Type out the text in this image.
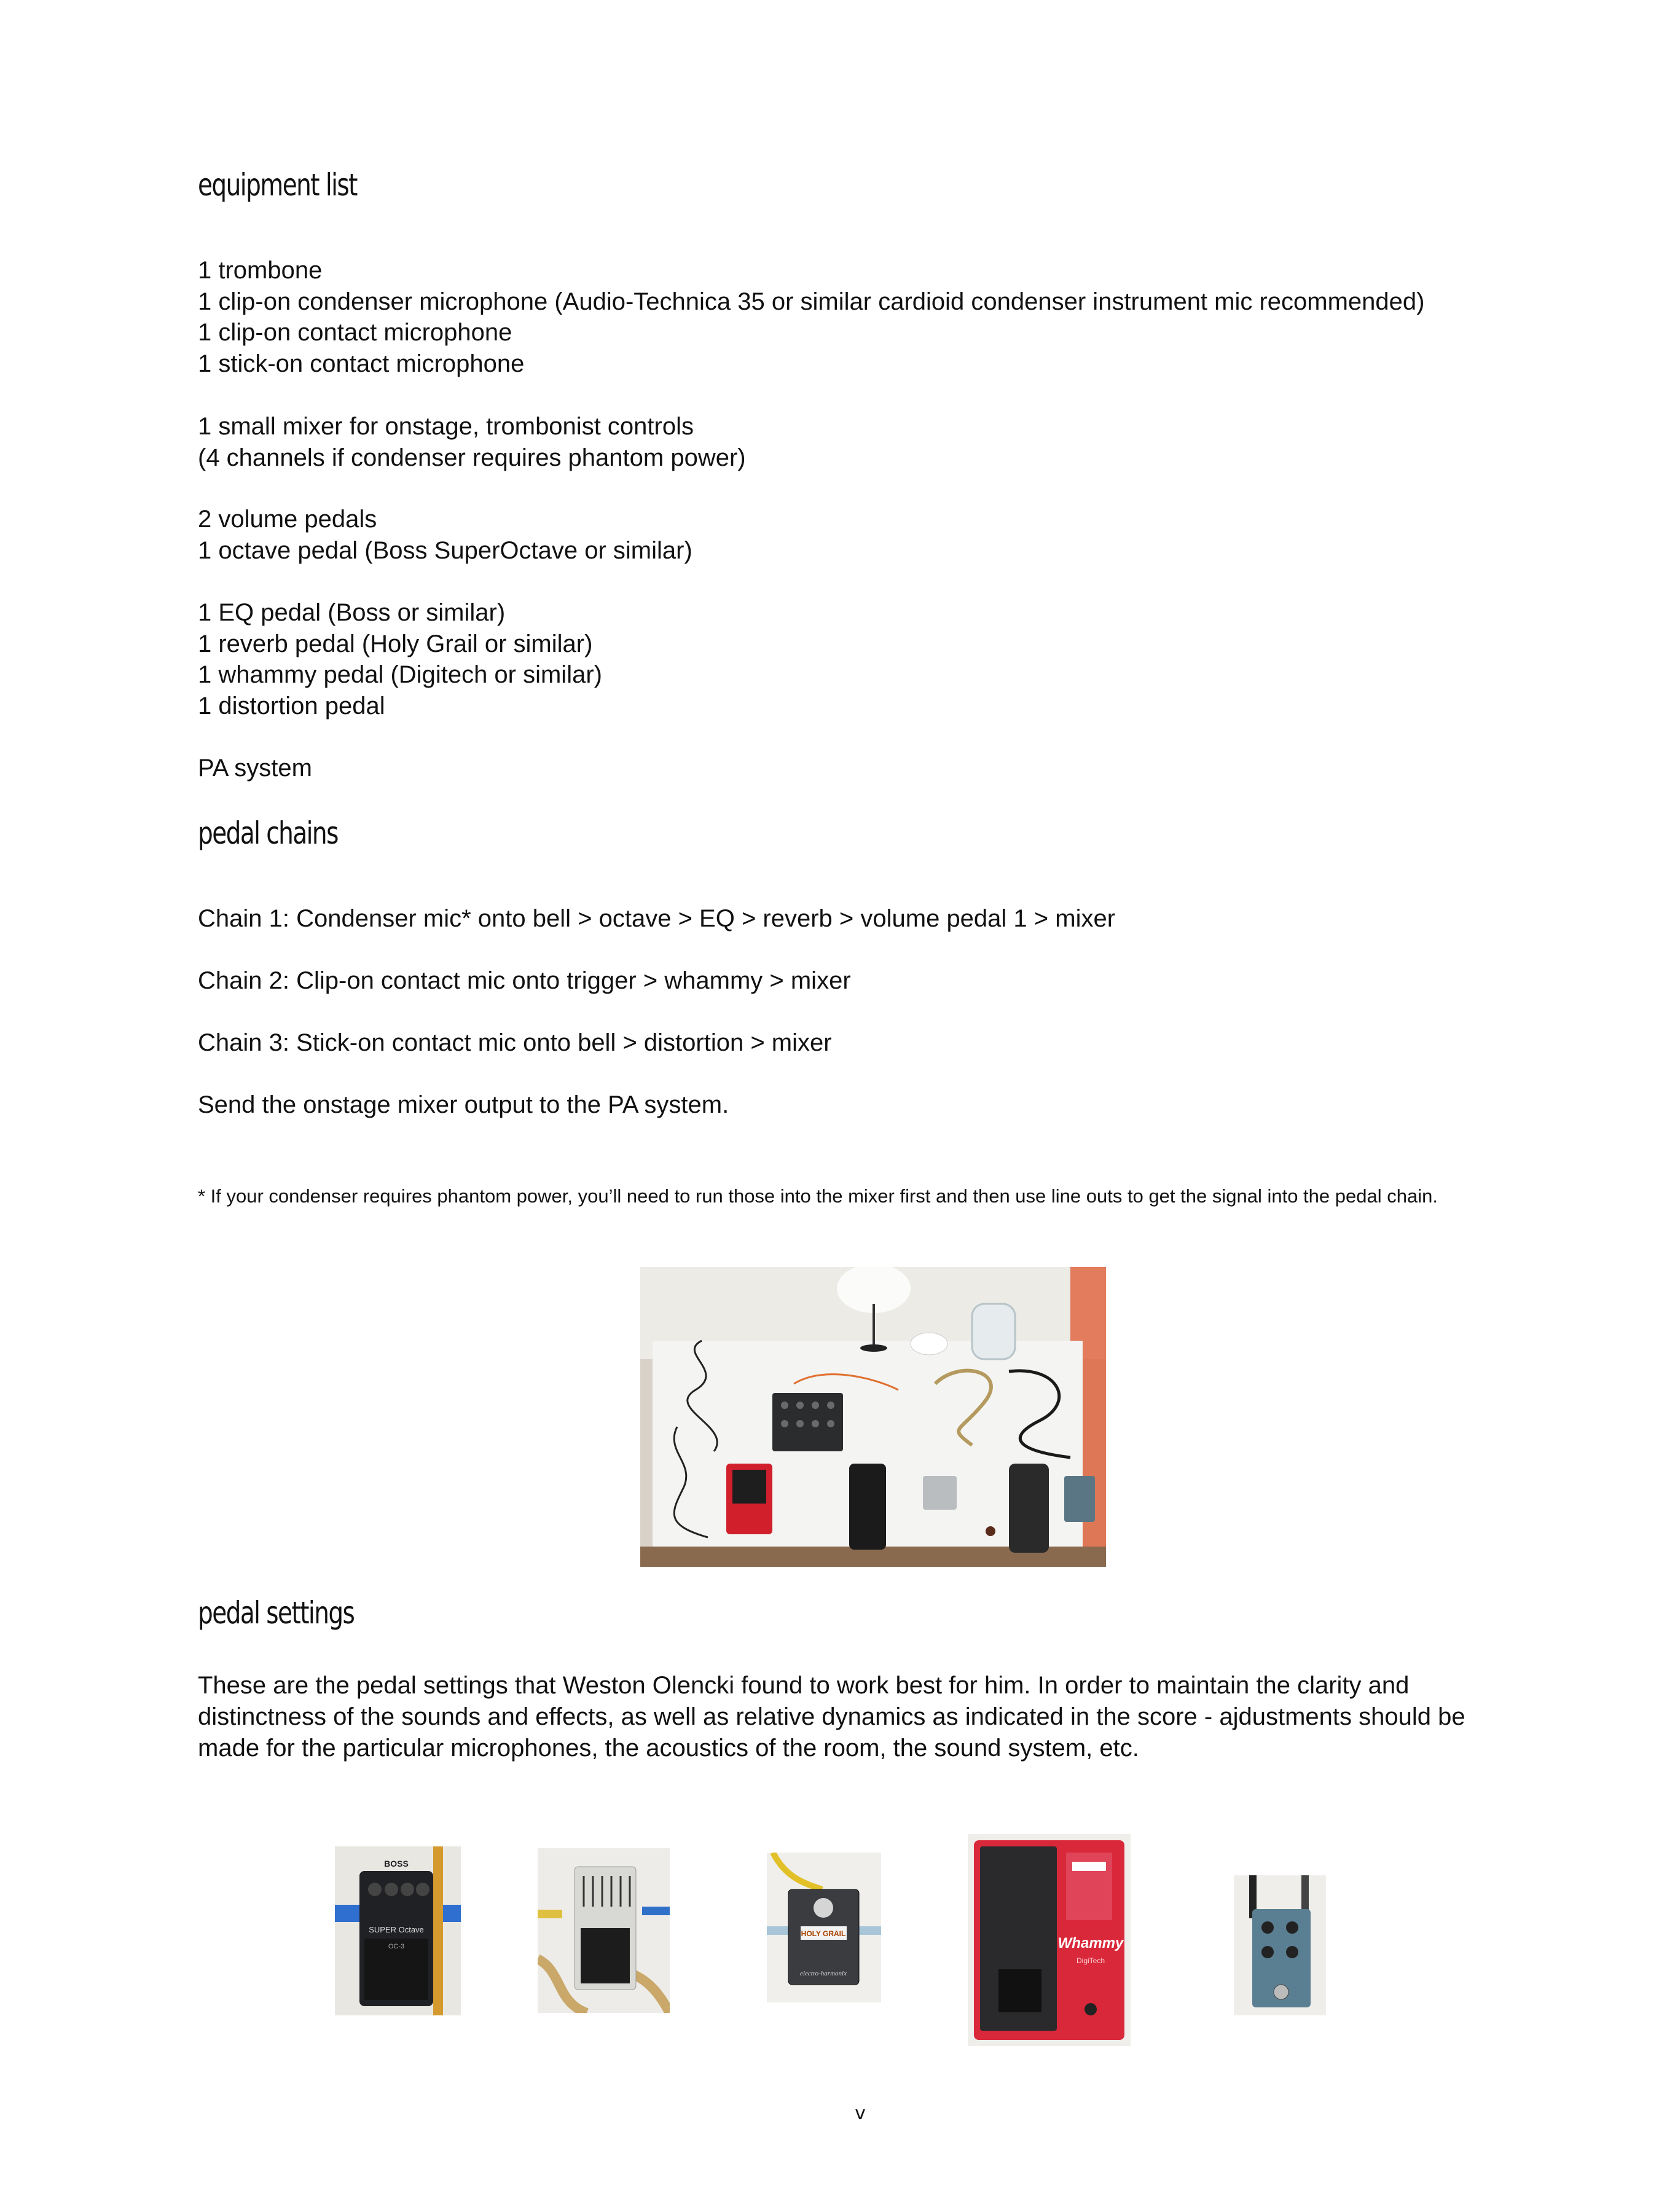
equipment list
1 trombone
1 clip-on condenser microphone (Audio-Technica 35 or similar cardioid condenser instrument mic recommended)
1 clip-on contact microphone
1 stick-on contact microphone
1 small mixer for onstage, trombonist controls
(4 channels if condenser requires phantom power)
2 volume pedals
1 octave pedal (Boss SuperOctave or similar)
1 EQ pedal (Boss or similar)
1 reverb pedal (Holy Grail or similar)
1 whammy pedal (Digitech or similar)
1 distortion pedal
PA system
pedal chains
Chain 1: Condenser mic* onto bell > octave > EQ > reverb > volume pedal 1 > mixer
Chain 2: Clip-on contact mic onto trigger > whammy > mixer
Chain 3: Stick-on contact mic onto bell > distortion > mixer
Send the onstage mixer output to the PA system.
* If your condenser requires phantom power, you’ll need to run those into the mixer first and then use line outs to get the signal into the pedal chain.
pedal settings
These are the pedal settings that Weston Olencki found to work best for him. In order to maintain the clarity and distinctness of the sounds and effects, as well as relative dynamics as indicated in the score - ajdustments should be made for the particular microphones, the acoustics of the room, the sound system, etc.
BOSS
SUPER Octave
OC-3
HOLY GRAIL
electro-harmonix
Whammy
DigiTech
v
